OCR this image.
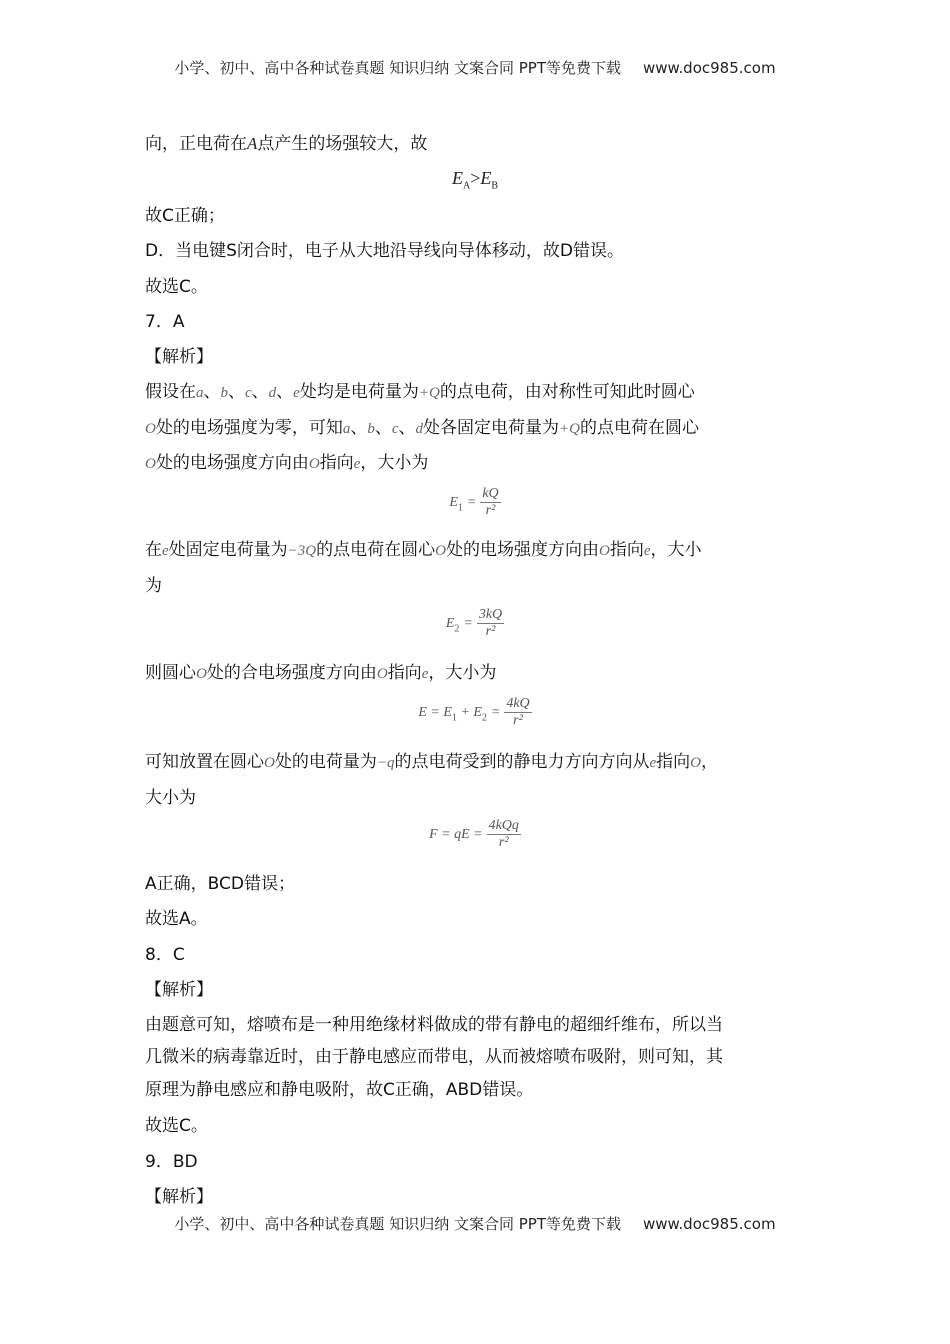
小学、初中、高中各种试卷真题 知识归纳 文案合同 PPT等免费下载 www.doc985.com
向，正电荷在A点产生的场强较大，故
$E_A>E_B$
故C正确；
D．当电键S闭合时，电子从大地沿导线向导体移动，故D错误。
故选C。
7．A
【解析】
假设在a、b、c、d、e处均是电荷量为+Q的点电荷，由对称性可知此时圆心
O处的电场强度为零，可知a、b、c、d处各固定电荷量为+Q的点电荷在圆心
O处的电场强度方向由O指向e，大小为
$E_1 = \frac{kQ}{\text{r²}}$
在e处固定电荷量为−3Q的点电荷在圆心O处的电场强度方向由O指向e，大小
为
$E_2 = \frac{3kQ}{\text{r²}}$
则圆心O处的合电场强度方向由O指向e，大小为
$E = E_1 + E_2 = \frac{4kQ}{\text{r²}}$
可知放置在圆心O处的电荷量为−q的点电荷受到的静电力方向方向从e指向O，
大小为
F = qE = $\frac{\text{4kQq}}{\text{r²}}$
A正确，BCD错误；
故选A。
8．C
【解析】
由题意可知，熔喷布是一种用绝缘材料做成的带有静电的超细纤维布，所以当
几微米的病毒靠近时，由于静电感应而带电，从而被熔喷布吸附，则可知，其
原理为静电感应和静电吸附，故C正确，ABD错误。
故选C。
9．BD
【解析】
小学、初中、高中各种试卷真题 知识归纳 文案合同 PPT等免费下载 www.doc985.com
